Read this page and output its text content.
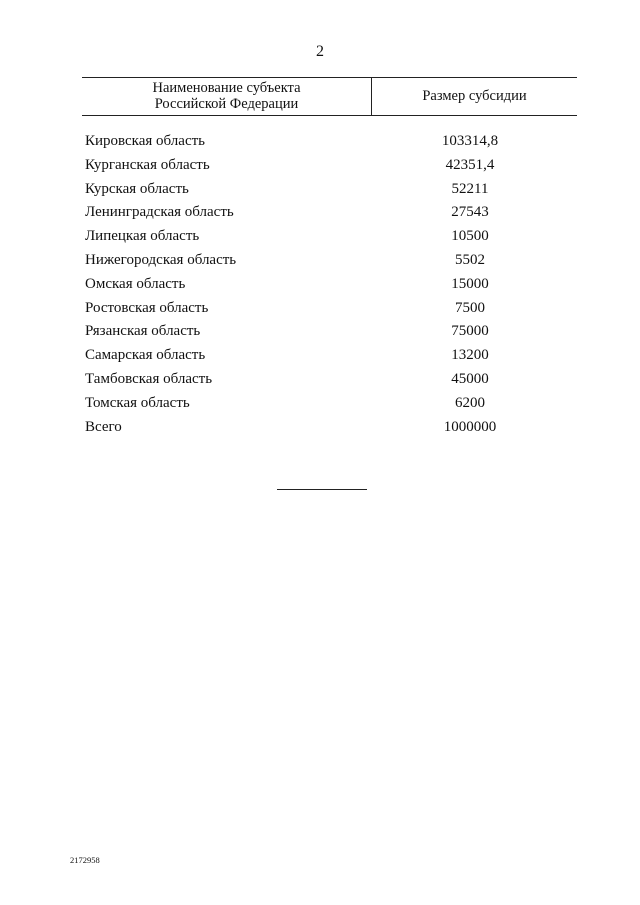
2
Наименование субъекта
Российской Федерации	Размер субсидии
Кировская область	103314,8
Курганская область	42351,4
Курская область	52211
Ленинградская область	27543
Липецкая область	10500
Нижегородская область	5502
Омская область	15000
Ростовская область	7500
Рязанская область	75000
Самарская область	13200
Тамбовская область	45000
Томская область	6200
Всего	1000000
2172958
